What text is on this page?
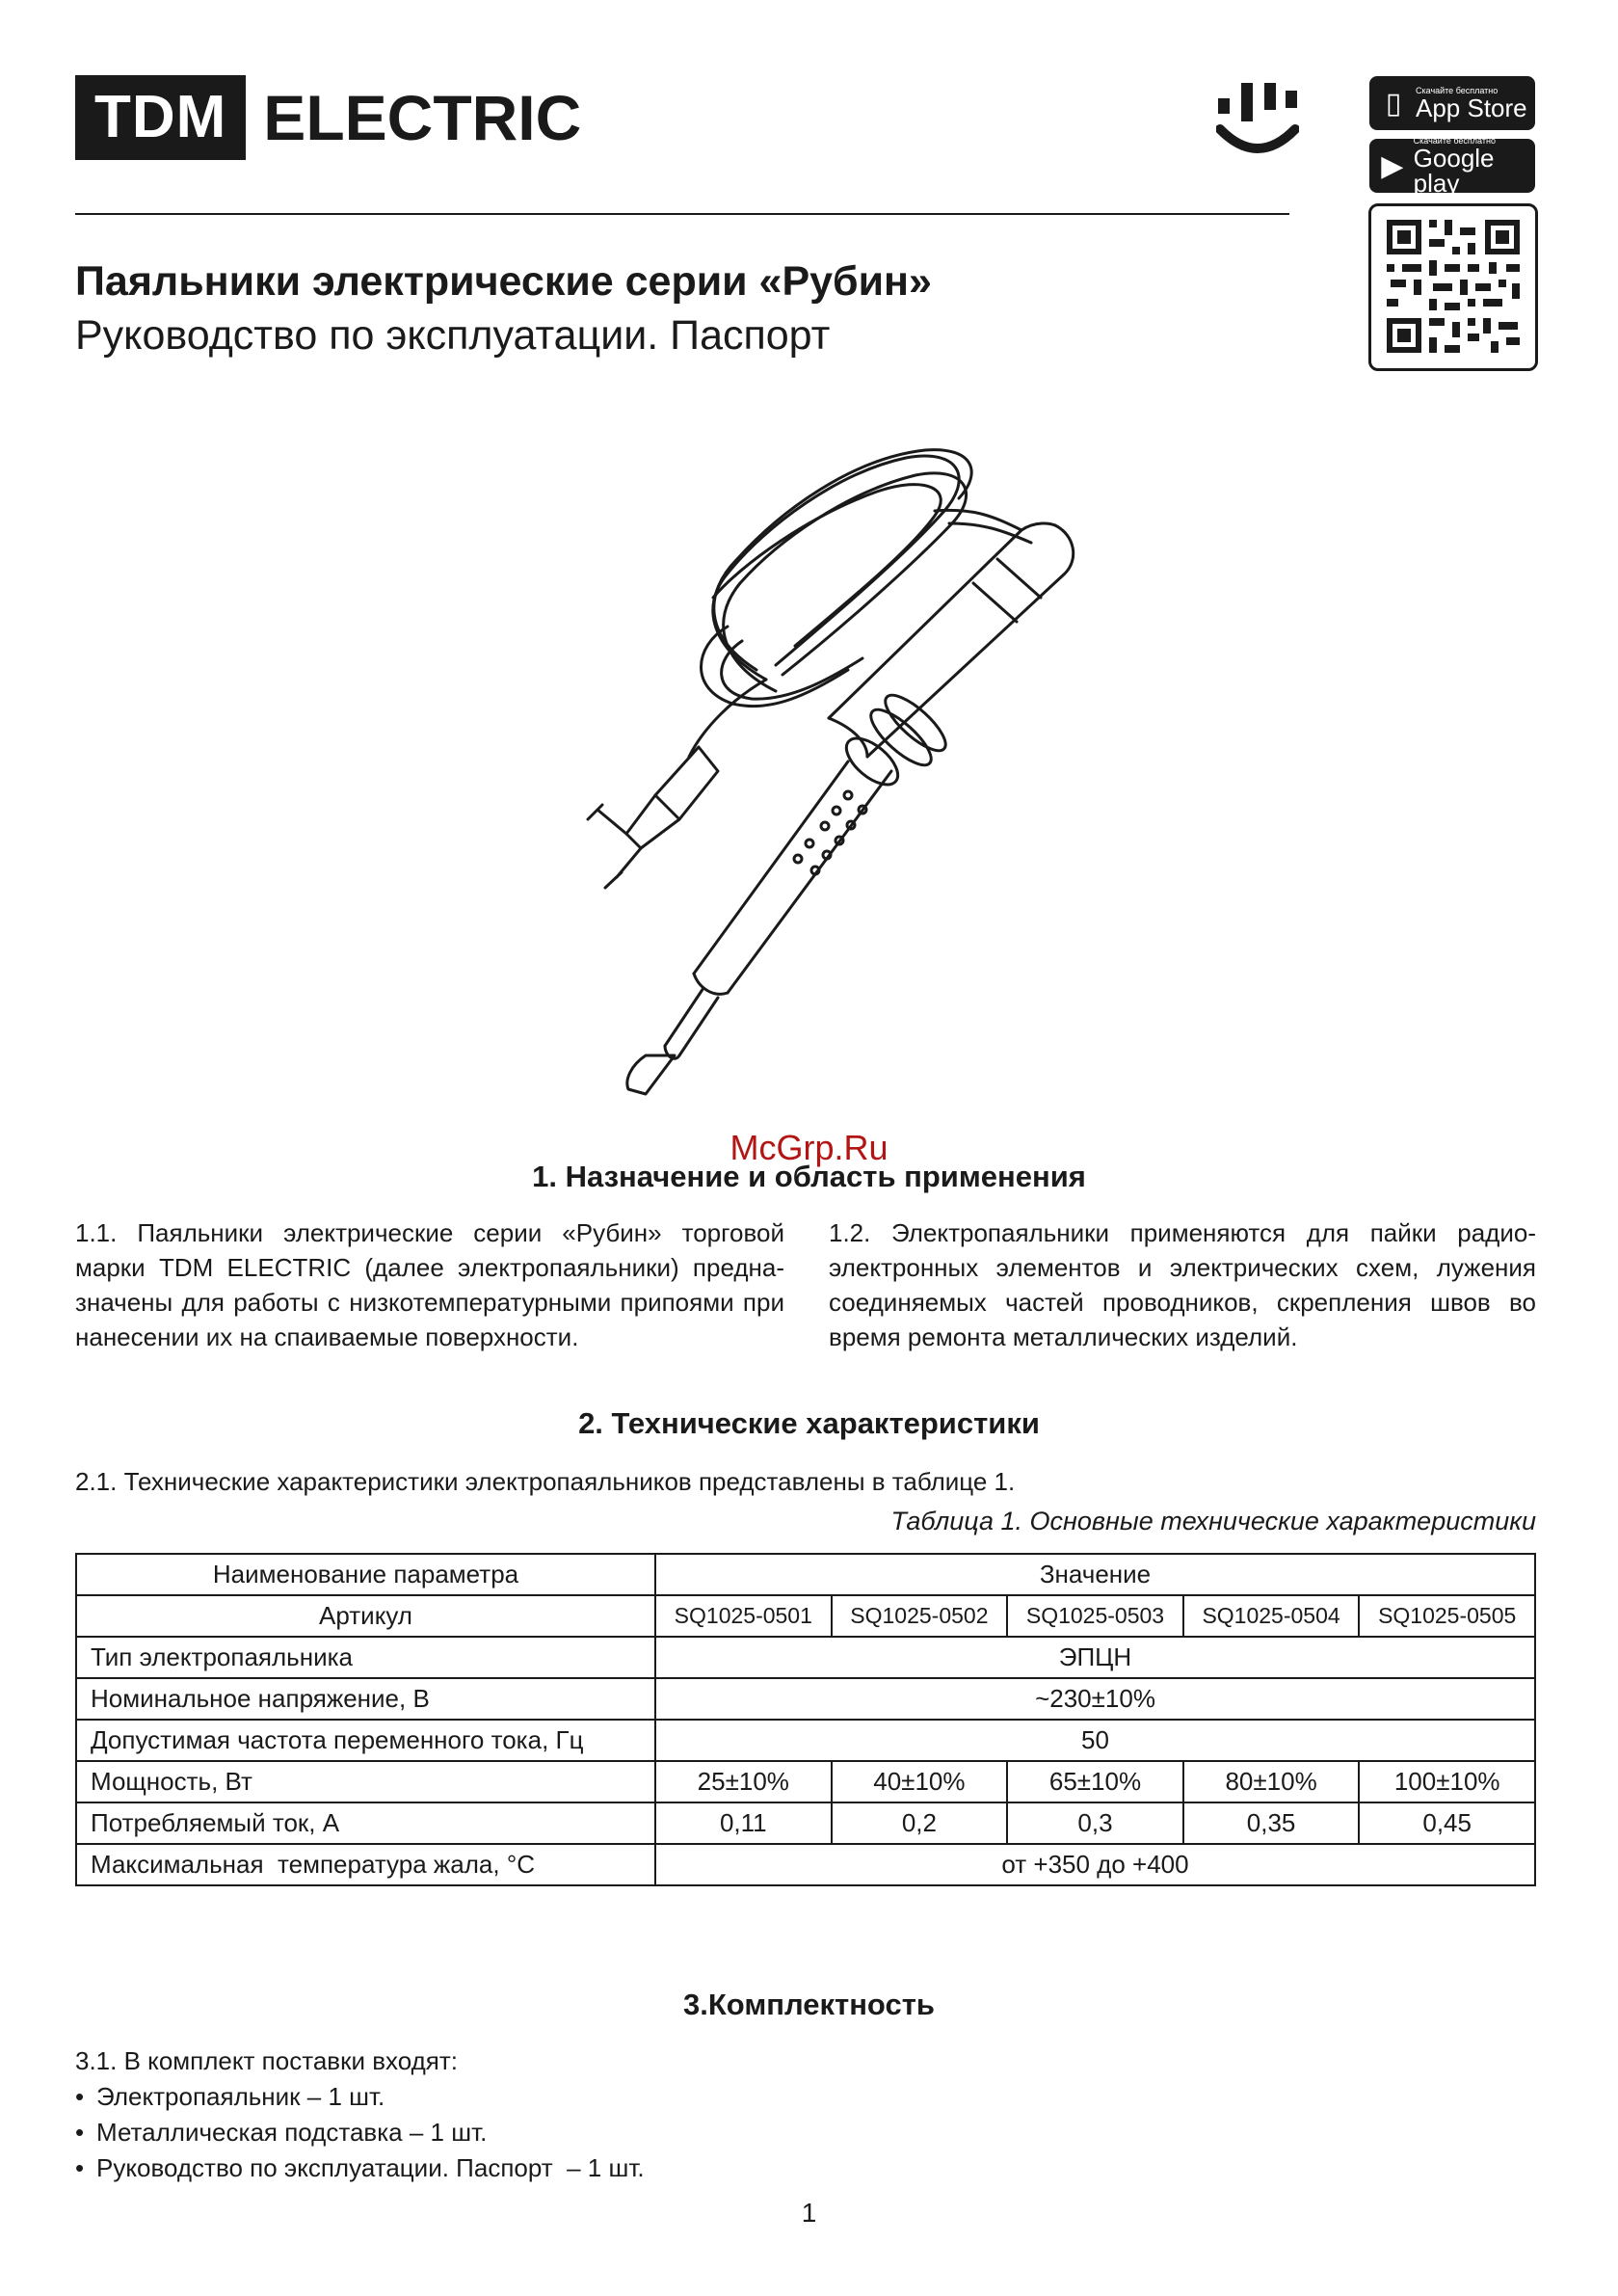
TDM ELECTRIC	▯	Скачайте бесплатно
App Store
▶
Скачайте бесплатно
Google play
Паяльники электрические серии «Рубин»
Руководство по эксплуатации. Паспорт
McGrp.Ru
1. Назначение и область применения
1.1. Паяльники электрические серии «Рубин» торговой марки TDM ELECTRIC (далее электропаяльники) предна-значены для работы с низкотемпературными припоями при нанесении их на спаиваемые поверхности.
1.2. Электропаяльники применяются для пайки радио-электронных элементов и электрических схем, лужения соединяемых частей проводников, скрепления швов во время ремонта металлических изделий.
2. Технические характеристики
2.1. Технические характеристики электропаяльников представлены в таблице 1.
Таблица 1. Основные технические характеристики
Наименование параметра	Значение				
Артикул	SQ1025-0501	SQ1025-0502	SQ1025-0503	SQ1025-0504	SQ1025-0505
Тип электропаяльника	ЭПЦН				
Номинальное напряжение, В	~230±10%				
Допустимая частота переменного тока, Гц	50				
Мощность, Вт	25±10%	40±10%	65±10%	80±10%	100±10%
Потребляемый ток, А	0,11	0,2	0,3	0,35	0,45
Максимальная  температура жала, °С	от +350 до +400				
3.Комплектность
3.1. В комплект поставки входят:
• Электропаяльник – 1 шт.
• Металлическая подставка – 1 шт.
• Руководство по эксплуатации. Паспорт  – 1 шт.
1
